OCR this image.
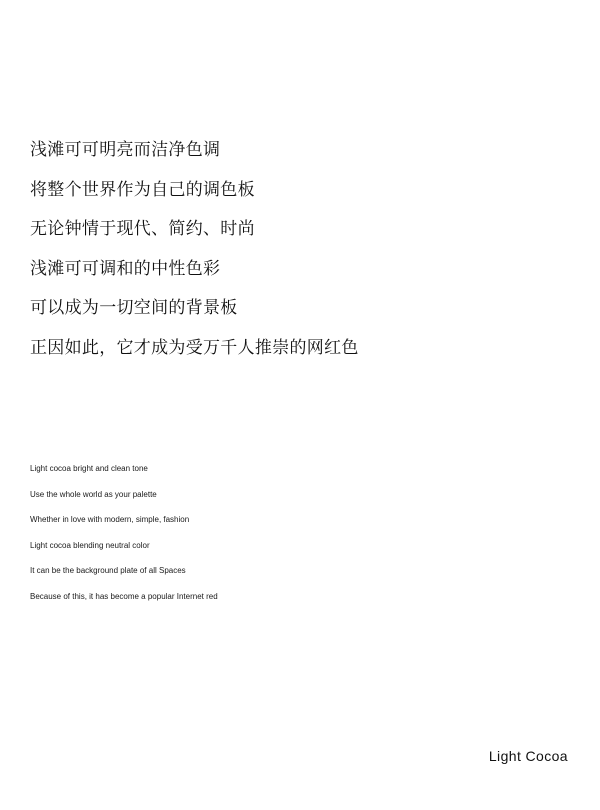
浅滩可可明亮而洁净色调

将整个世界作为自己的调色板

无论钟情于现代、简约、时尚

浅滩可可调和的中性色彩

可以成为一切空间的背景板

正因如此，它才成为受万千人推崇的网红色

Light cocoa bright and clean tone

Use the whole world as your palette

Whether in love with modern, simple, fashion

Light cocoa blending neutral color

It can be the background plate of all Spaces

Because of this, it has become a popular Internet red

Light Cocoa
